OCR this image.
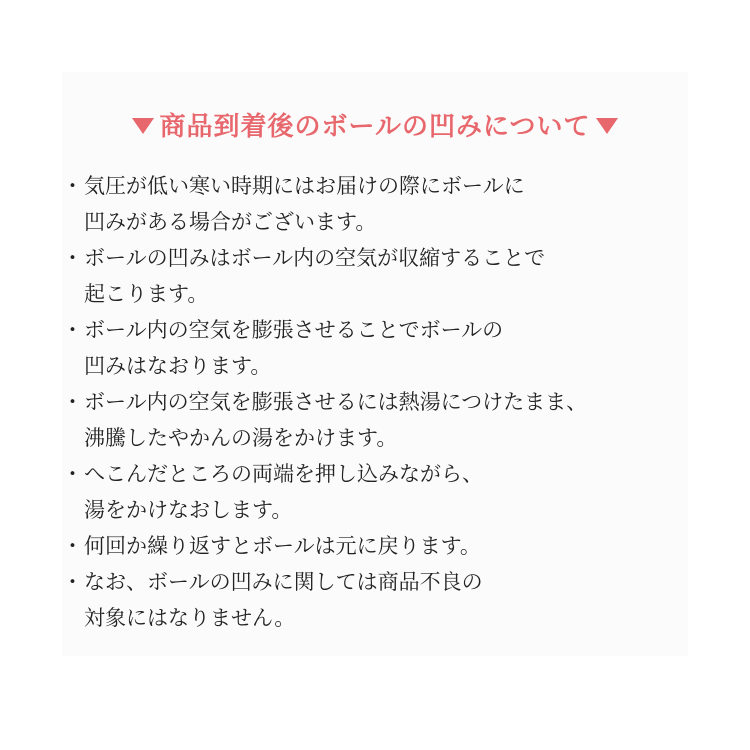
商品到着後のボールの凹みについて
・ 気圧が低い寒い時期にはお届けの際にボールに
凹みがある場合がございます。
・ ボールの凹みはボール内の空気が収縮することで
起こります。
・ ボール内の空気を膨張させることでボールの
凹みはなおります。
・ ボール内の空気を膨張させるには熱湯につけたまま、
沸騰したやかんの湯をかけます。
・ へこんだところの両端を押し込みながら、
湯をかけなおします。
・ 何回か繰り返すとボールは元に戻ります。
・ なお、ボールの凹みに関しては商品不良の
対象にはなりません。
